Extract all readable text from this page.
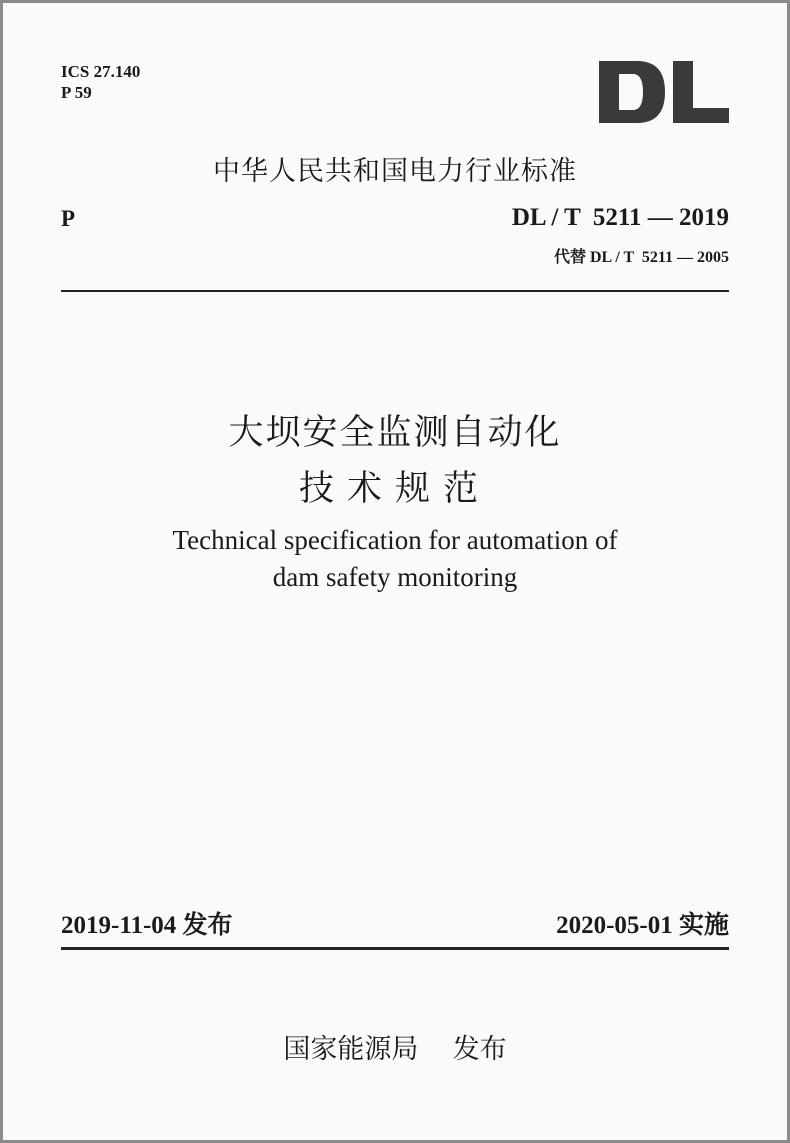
ICS 27.140
P 59
中华人民共和国电力行业标准
P	DL / T  5211 — 2019
代替 DL / T  5211 — 2005
大坝安全监测自动化
技术规范
Technical specification for automation of
dam safety monitoring
2019-11-04 发布	2020-05-01 实施
国家能源局    发布
